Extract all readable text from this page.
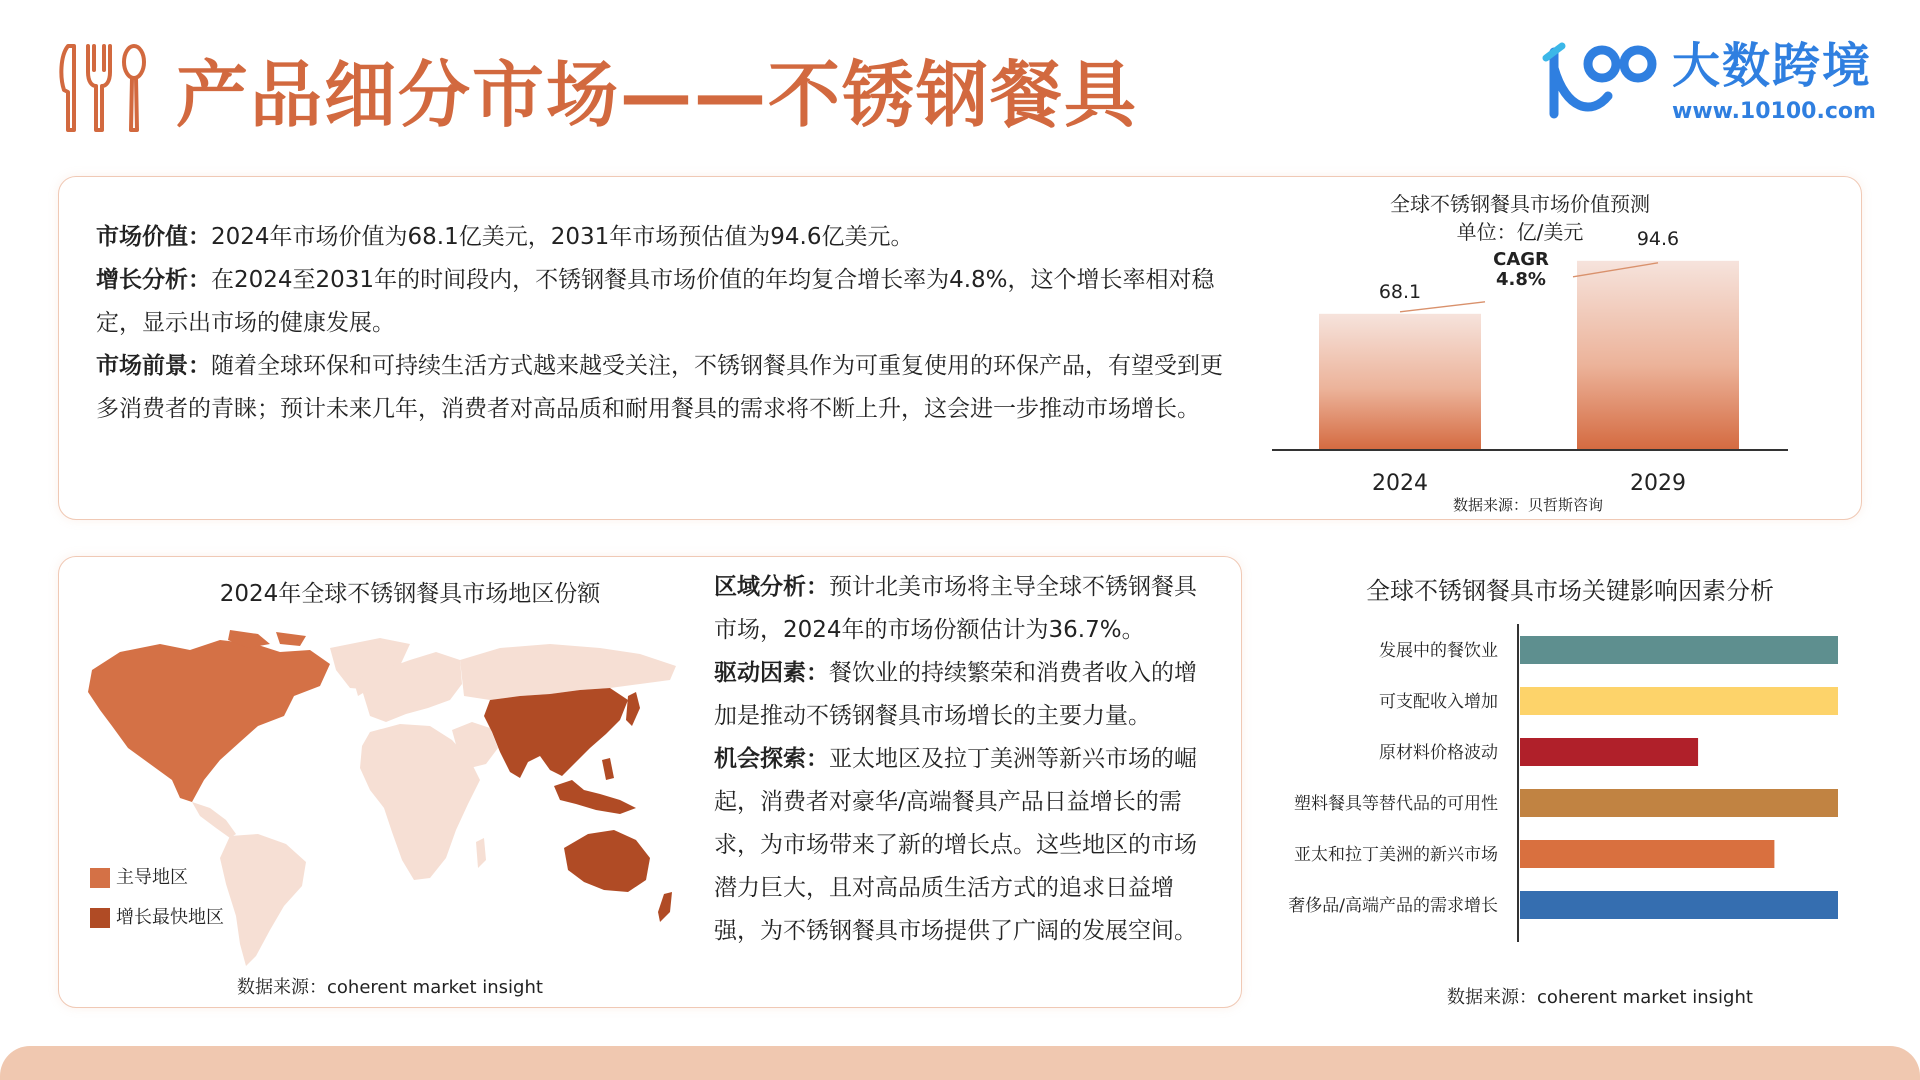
产品细分市场——不锈钢餐具	大数跨境
www.10100.com

市场价值：2024年市场价值为68.1亿美元，2031年市场预估值为94.6亿美元。

增长分析：在2024至2031年的时间段内，不锈钢餐具市场价值的年均复合增长率为4.8%，这个增长率相对稳定，显示出市场的健康发展。

市场前景：随着全球环保和可持续生活方式越来越受关注，不锈钢餐具作为可重复使用的环保产品，有望受到更多消费者的青睐；预计未来几年，消费者对高品质和耐用餐具的需求将不断上升，这会进一步推动市场增长。

全球不锈钢餐具市场价值预测
单位：亿/美元
68.1
2024
94.6
2029
CAGR
4.8%
数据来源：贝哲斯咨询
2024年全球不锈钢餐具市场地区份额
主导地区
增长最快地区
数据来源：coherent market insight

区域分析：预计北美市场将主导全球不锈钢餐具市场，2024年的市场份额估计为36.7%。

驱动因素：餐饮业的持续繁荣和消费者收入的增加是推动不锈钢餐具市场增长的主要力量。

机会探索：亚太地区及拉丁美洲等新兴市场的崛起，消费者对豪华/高端餐具产品日益增长的需求，为市场带来了新的增长点。这些地区的市场潜力巨大，且对高品质生活方式的追求日益增强，为不锈钢餐具市场提供了广阔的发展空间。

全球不锈钢餐具市场关键影响因素分析
发展中的餐饮业
可支配收入增加
原材料价格波动
塑料餐具等替代品的可用性
亚太和拉丁美洲的新兴市场
奢侈品/高端产品的需求增长
数据来源：coherent market insight
